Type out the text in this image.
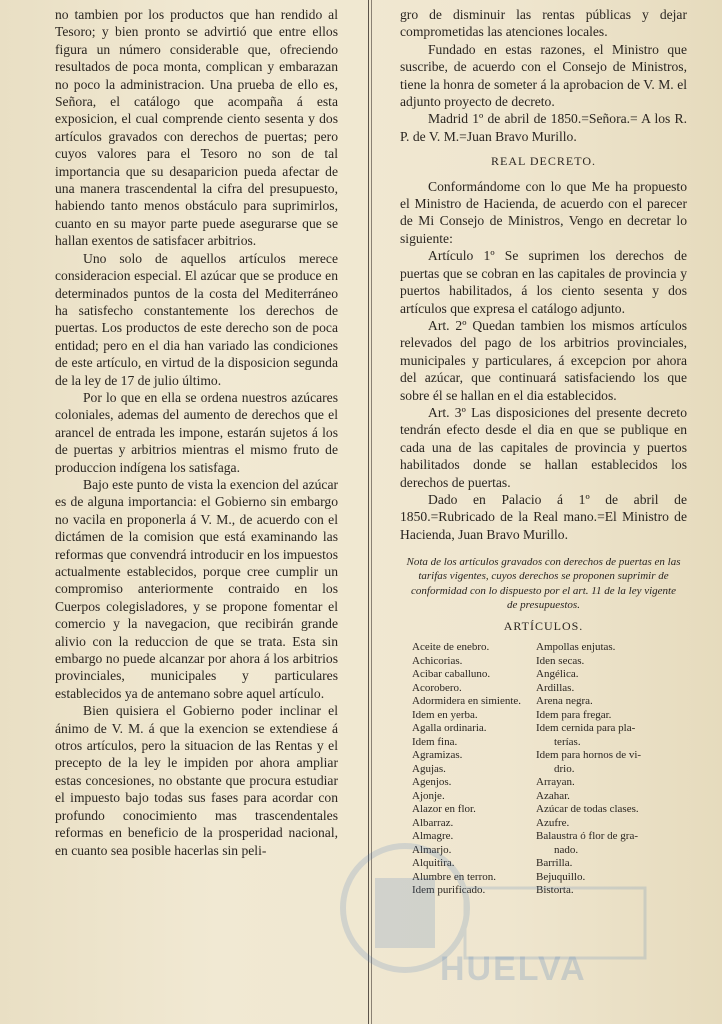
no tambien por los productos que han rendido al Tesoro; y bien pronto se advirtió que entre ellos figura un número considerable que, ofreciendo resultados de poca monta, complican y embarazan no poco la administracion. Una prueba de ello es, Señora, el catálogo que acompaña á esta exposicion, el cual comprende ciento sesenta y dos artículos gravados con derechos de puertas; pero cuyos valores para el Tesoro no son de tal importancia que su desaparicion pueda afectar de una manera trascendental la cifra del presupuesto, habiendo tanto menos obstáculo para suprimirlos, cuanto en su mayor parte puede asegurarse que se hallan exentos de satisfacer arbitrios.

Uno solo de aquellos artículos merece consideracion especial. El azúcar que se produce en determinados puntos de la costa del Mediterráneo ha satisfecho constantemente los derechos de puertas. Los productos de este derecho son de poca entidad; pero en el dia han variado las condiciones de este artículo, en virtud de la disposicion segunda de la ley de 17 de julio último.

Por lo que en ella se ordena nuestros azúcares coloniales, ademas del aumento de derechos que el arancel de entrada les impone, estarán sujetos á los de puertas y arbitrios mientras el mismo fruto de produccion indígena los satisfaga.

Bajo este punto de vista la exencion del azúcar es de alguna importancia: el Gobierno sin embargo no vacila en proponerla á V. M., de acuerdo con el dictámen de la comision que está examinando las reformas que convendrá introducir en los impuestos actualmente establecidos, porque cree cumplir un compromiso anteriormente contraido en los Cuerpos colegisladores, y se propone fomentar el comercio y la navegacion, que recibirán grande alivio con la reduccion de que se trata. Esta sin embargo no puede alcanzar por ahora á los arbitrios provinciales, municipales y particulares establecidos ya de antemano sobre aquel artículo.

Bien quisiera el Gobierno poder inclinar el ánimo de V. M. á que la exencion se extendiese á otros artículos, pero la situacion de las Rentas y el precepto de la ley le impiden por ahora ampliar estas concesiones, no obstante que procura estudiar el impuesto bajo todas sus fases para acordar con profundo conocimiento mas trascendentales reformas en beneficio de la prosperidad nacional, en cuanto sea posible hacerlas sin peli-

gro de disminuir las rentas públicas y dejar comprometidas las atenciones locales.

Fundado en estas razones, el Ministro que suscribe, de acuerdo con el Consejo de Ministros, tiene la honra de someter á la aprobacion de V. M. el adjunto proyecto de decreto.

Madrid 1º de abril de 1850.=Señora.= A los R. P. de V. M.=Juan Bravo Murillo.

REAL DECRETO.

Conformándome con lo que Me ha propuesto el Ministro de Hacienda, de acuerdo con el parecer de Mi Consejo de Ministros, Vengo en decretar lo siguiente:

Artículo 1º Se suprimen los derechos de puertas que se cobran en las capitales de provincia y puertos habilitados, á los ciento sesenta y dos artículos que expresa el catálogo adjunto.

Art. 2º Quedan tambien los mismos artículos relevados del pago de los arbitrios provinciales, municipales y particulares, á excepcion por ahora del azúcar, que continuará satisfaciendo los que sobre él se hallan en el dia establecidos.

Art. 3º Las disposiciones del presente decreto tendrán efecto desde el dia en que se publique en cada una de las capitales de provincia y puertos habilitados donde se hallan establecidos los derechos de puertas.

Dado en Palacio á 1º de abril de 1850.=Rubricado de la Real mano.=El Ministro de Hacienda, Juan Bravo Murillo.

Nota de los artículos gravados con derechos de puertas en las tarifas vigentes, cuyos derechos se proponen suprimir de conformidad con lo dispuesto por el art. 11 de la ley vigente de presupuestos.
ARTÍCULOS.
Aceite de enebro.
Achicorias.
Acibar caballuno.
Acorobero.
Adormidera en simiente.
Idem en yerba.
Agalla ordinaria.
Idem fina.
Agramizas.
Agujas.
Agenjos.
Ajonje.
Alazor en flor.
Albarraz.
Almagre.
Almarjo.
Alquitira.
Alumbre en terron.
Idem purificado.
Ampollas enjutas.
Iden secas.
Angélica.
Ardillas.
Arena negra.
Idem para fregar.
Idem cernida para pla-
terías.
Idem para hornos de vi-
drio.
Arrayan.
Azahar.
Azúcar de todas clases.
Azufre.
Balaustra ó flor de gra-
nado.
Barrilla.
Bejuquillo.
Bistorta.
HUELVA
